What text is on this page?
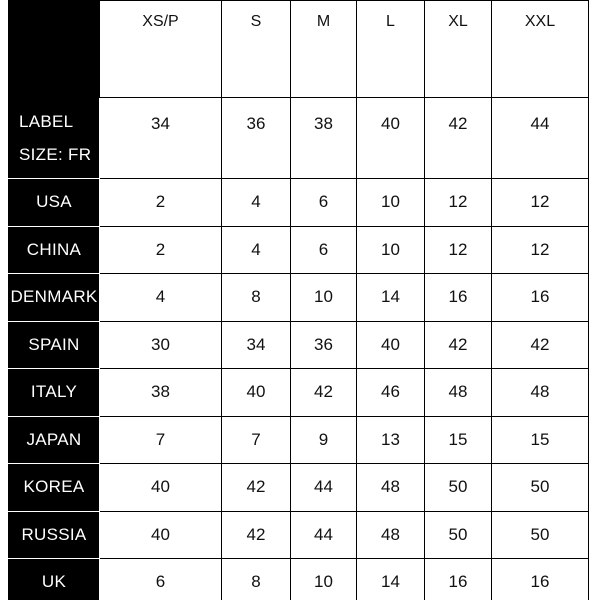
	XS/P	S	M	L	XL	XXL
LABEL
SIZE: FR	34	36	38	40	42	44
USA	2	4	6	10	12	12
CHINA	2	4	6	10	12	12
DENMARK	4	8	10	14	16	16
SPAIN	30	34	36	40	42	42
ITALY	38	40	42	46	48	48
JAPAN	7	7	9	13	15	15
KOREA	40	42	44	48	50	50
RUSSIA	40	42	44	48	50	50
UK	6	8	10	14	16	16
